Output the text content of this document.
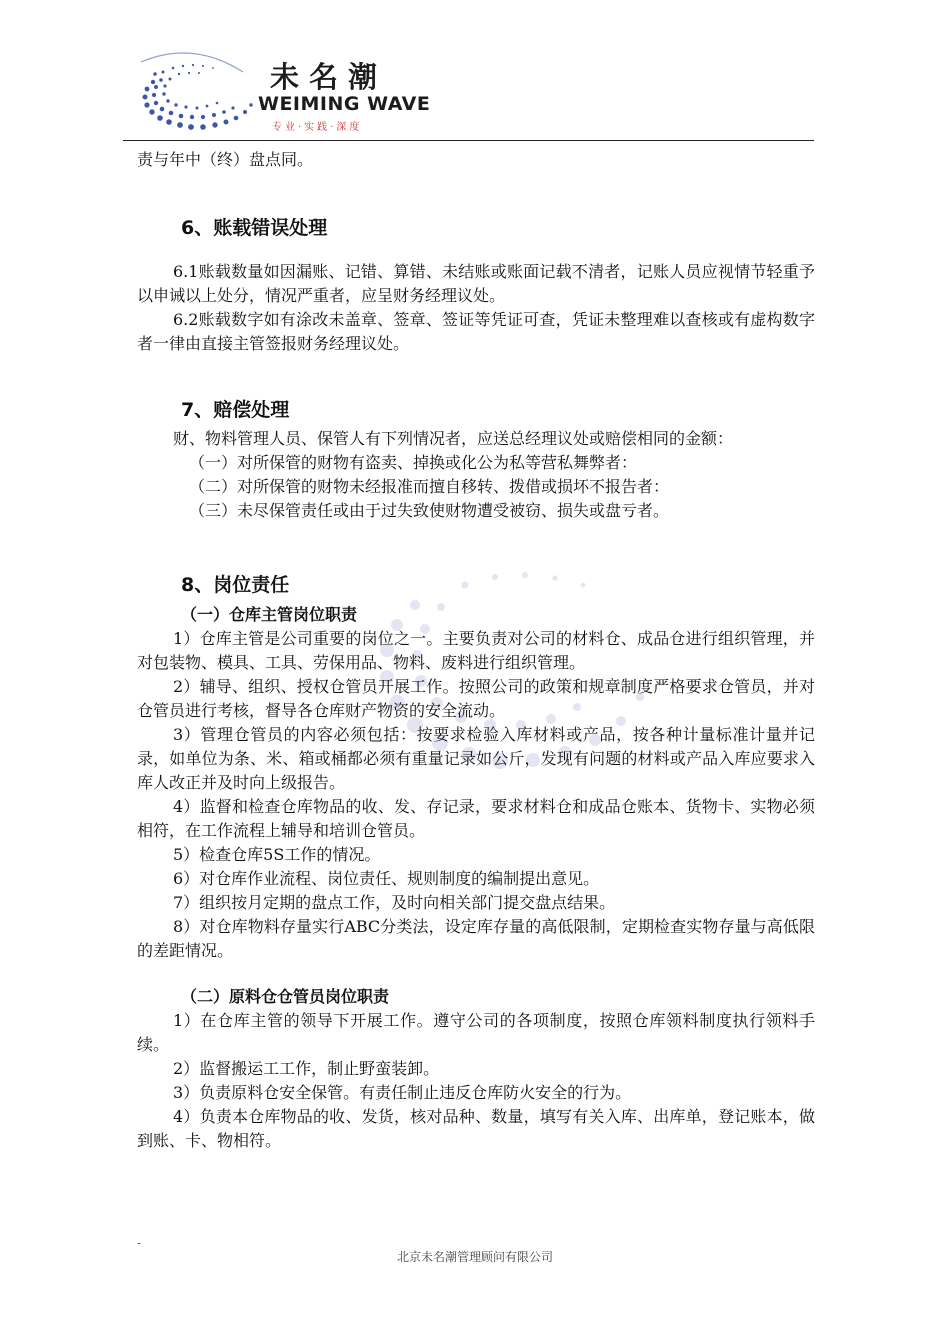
未名潮
WEIMING WAVE
专业·实践·深度

责与年中（终）盘点同。

6、账载错误处理

6.1账载数量如因漏账、记错、算错、未结账或账面记载不清者，记账人员应视情节轻重予以申诫以上处分，情况严重者，应呈财务经理议处。

6.2账载数字如有涂改未盖章、签章、签证等凭证可查，凭证未整理难以查核或有虚构数字者一律由直接主管签报财务经理议处。

7、赔偿处理

财、物料管理人员、保管人有下列情况者，应送总经理议处或赔偿相同的金额：

（一）对所保管的财物有盗卖、掉换或化公为私等营私舞弊者：

（二）对所保管的财物未经报准而擅自移转、拨借或损坏不报告者：

（三）未尽保管责任或由于过失致使财物遭受被窃、损失或盘亏者。

8、岗位责任
（一）仓库主管岗位职责

1）仓库主管是公司重要的岗位之一。主要负责对公司的材料仓、成品仓进行组织管理，并对包装物、模具、工具、劳保用品、物料、废料进行组织管理。

2）辅导、组织、授权仓管员开展工作。按照公司的政策和规章制度严格要求仓管员，并对仓管员进行考核，督导各仓库财产物资的安全流动。

3）管理仓管员的内容必须包括：按要求检验入库材料或产品，按各种计量标准计量并记录，如单位为条、米、箱或桶都必须有重量记录如公斤，发现有问题的材料或产品入库应要求入库人改正并及时向上级报告。

4）监督和检查仓库物品的收、发、存记录，要求材料仓和成品仓账本、货物卡、实物必须相符，在工作流程上辅导和培训仓管员。

5）检查仓库5S工作的情况。

6）对仓库作业流程、岗位责任、规则制度的编制提出意见。

7）组织按月定期的盘点工作，及时向相关部门提交盘点结果。

8）对仓库物料存量实行ABC分类法，设定库存量的高低限制，定期检查实物存量与高低限的差距情况。

（二）原料仓仓管员岗位职责

1）在仓库主管的领导下开展工作。遵守公司的各项制度，按照仓库领料制度执行领料手续。

2）监督搬运工工作，制止野蛮装卸。

3）负责原料仓安全保管。有责任制止违反仓库防火安全的行为。

4）负责本仓库物品的收、发货，核对品种、数量，填写有关入库、出库单，登记账本，做到账、卡、物相符。

-
北京未名潮管理顾问有限公司
